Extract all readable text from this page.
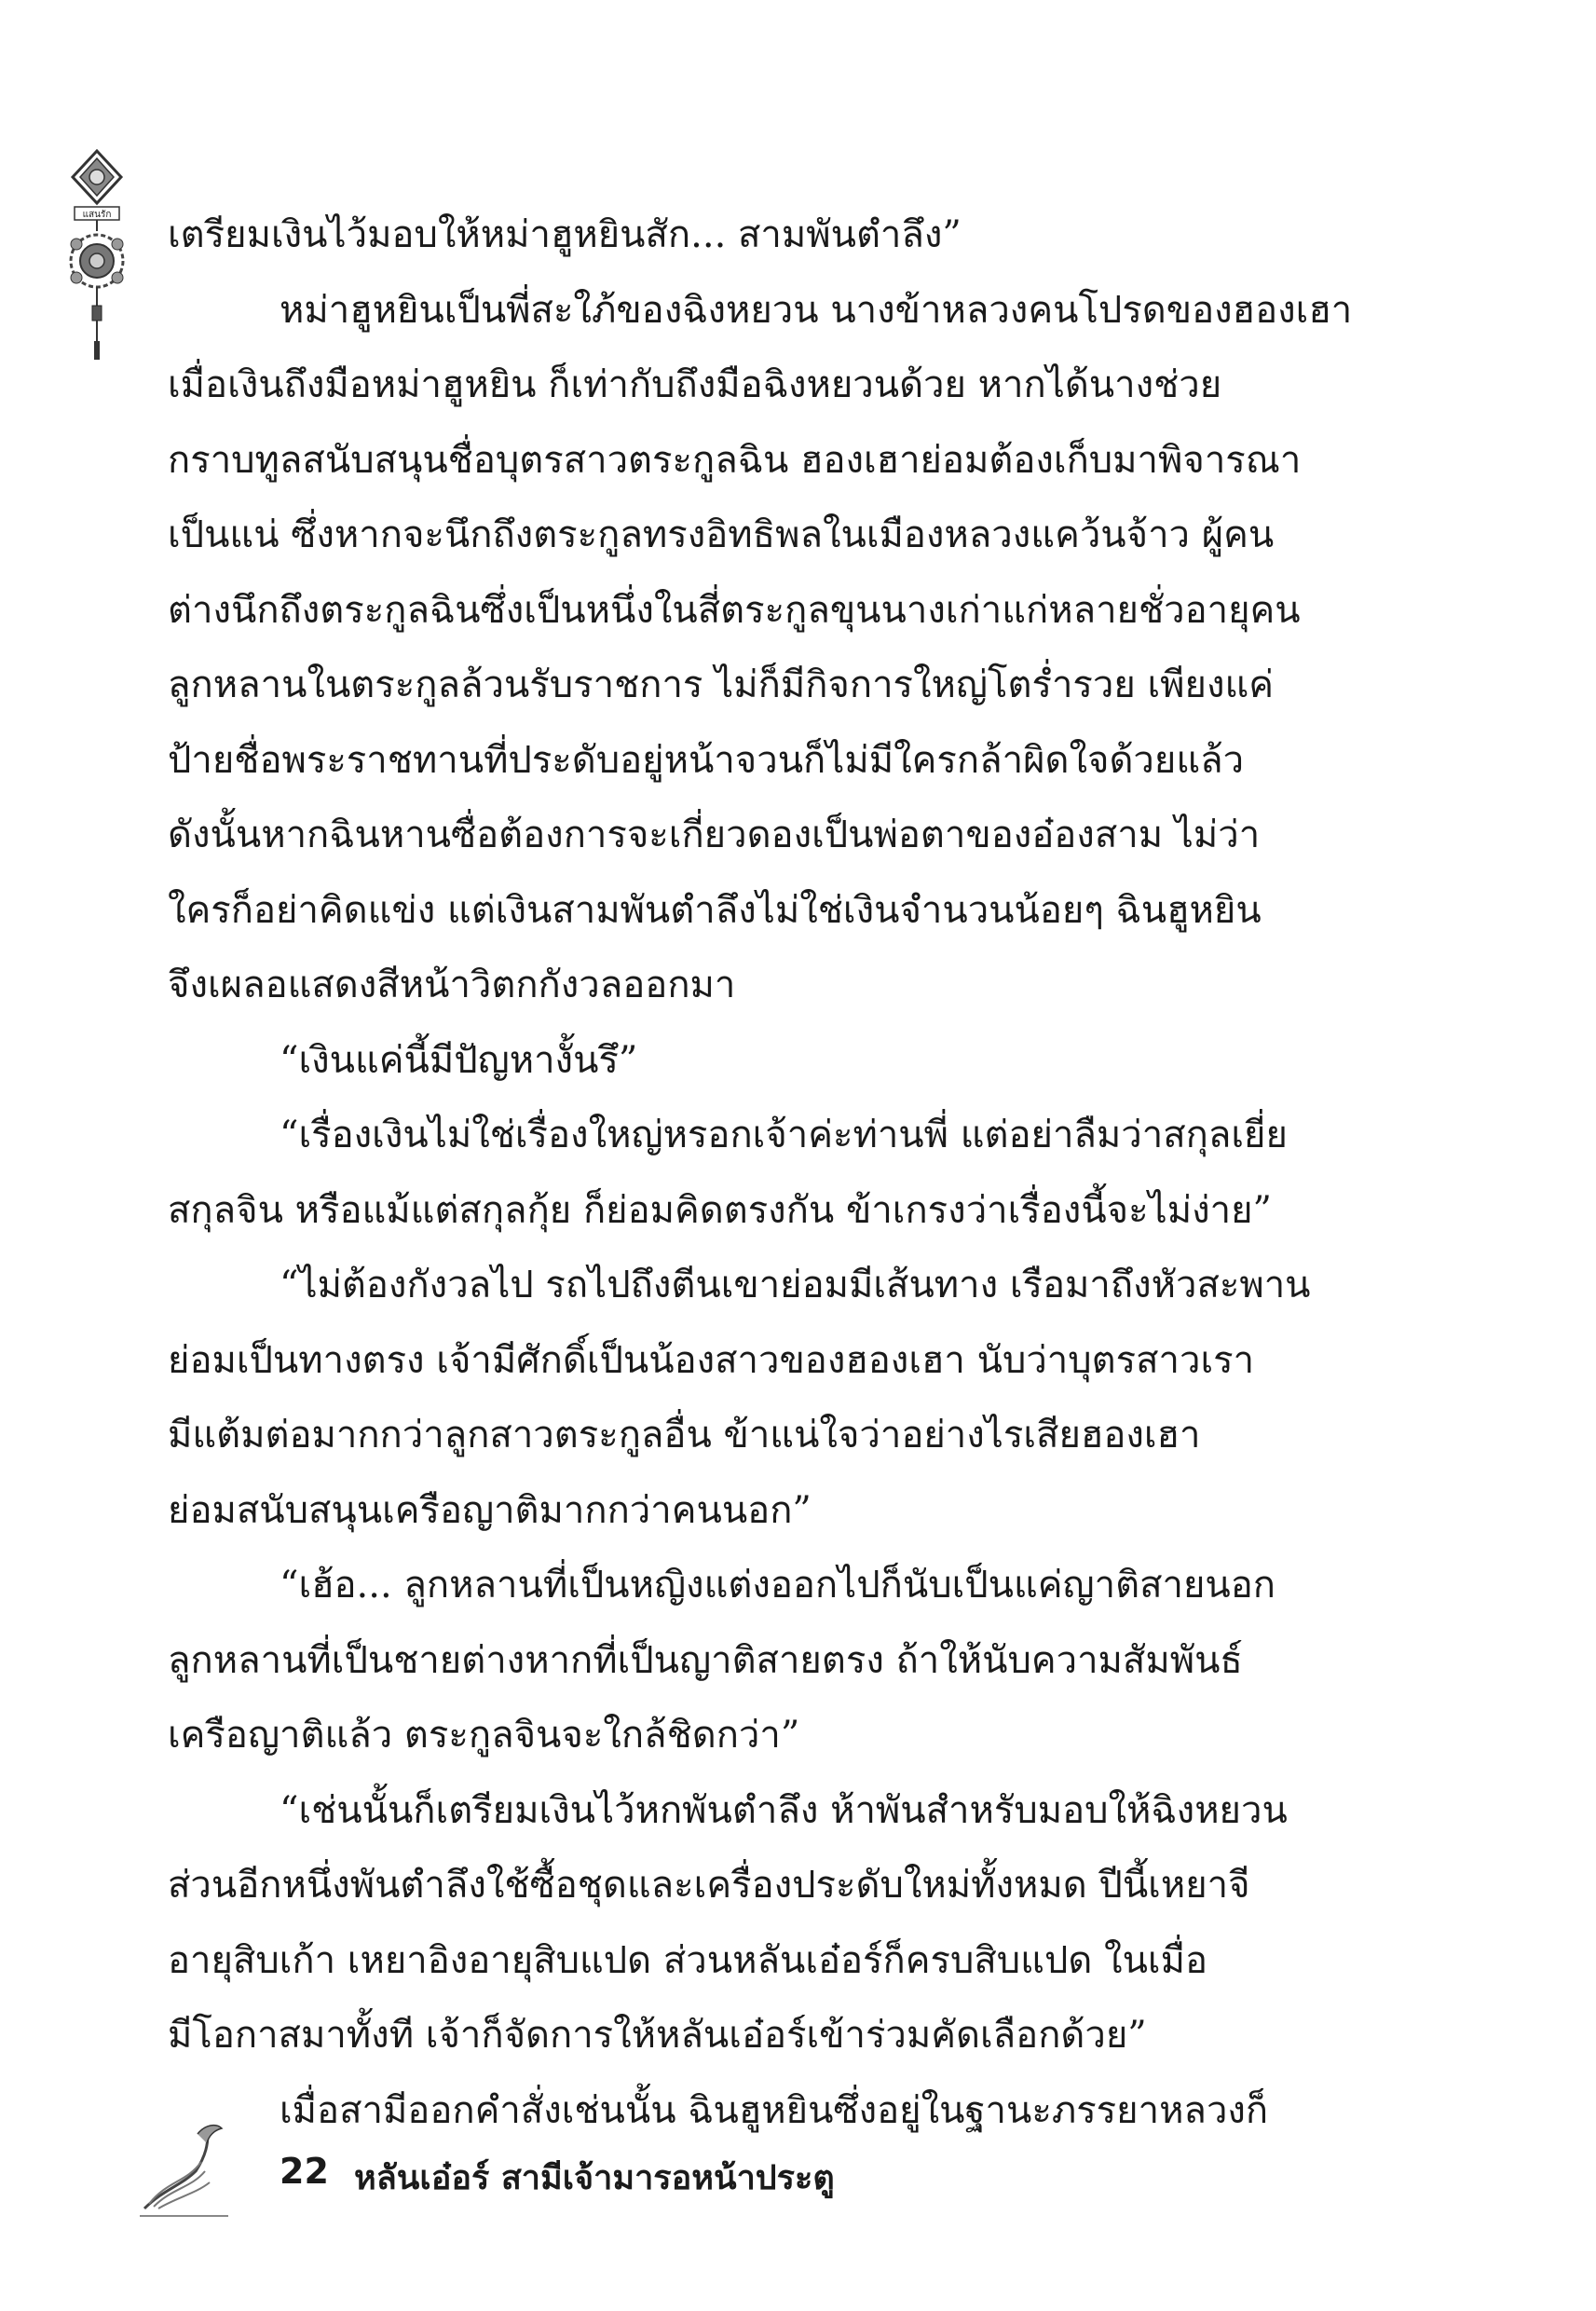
แสนรัก เตรียมเงินไว้มอบให้หม่าฮูหยินสัก... สามพันตำลึง”
หม่าฮูหยินเป็นพี่สะใภ้ของฉิงหยวน นางข้าหลวงคนโปรดของฮองเฮา
เมื่อเงินถึงมือหม่าฮูหยิน ก็เท่ากับถึงมือฉิงหยวนด้วย หากได้นางช่วย
กราบทูลสนับสนุนชื่อบุตรสาวตระกูลฉิน ฮองเฮาย่อมต้องเก็บมาพิจารณา
เป็นแน่ ซึ่งหากจะนึกถึงตระกูลทรงอิทธิพลในเมืองหลวงแคว้นจ้าว ผู้คน
ต่างนึกถึงตระกูลฉินซึ่งเป็นหนึ่งในสี่ตระกูลขุนนางเก่าแก่หลายชั่วอายุคน
ลูกหลานในตระกูลล้วนรับราชการ ไม่ก็มีกิจการใหญ่โตร่ำรวย เพียงแค่
ป้ายชื่อพระราชทานที่ประดับอยู่หน้าจวนก็ไม่มีใครกล้าผิดใจด้วยแล้ว
ดังนั้นหากฉินหานซื่อต้องการจะเกี่ยวดองเป็นพ่อตาของอ๋องสาม ไม่ว่า
ใครก็อย่าคิดแข่ง แต่เงินสามพันตำลึงไม่ใช่เงินจำนวนน้อยๆ ฉินฮูหยิน
จึงเผลอแสดงสีหน้าวิตกกังวลออกมา
“เงินแค่นี้มีปัญหางั้นรึ”
“เรื่องเงินไม่ใช่เรื่องใหญ่หรอกเจ้าค่ะท่านพี่ แต่อย่าลืมว่าสกุลเยี่ย
สกุลจิน หรือแม้แต่สกุลกุ้ย ก็ย่อมคิดตรงกัน ข้าเกรงว่าเรื่องนี้จะไม่ง่าย”
“ไม่ต้องกังวลไป รถไปถึงตีนเขาย่อมมีเส้นทาง เรือมาถึงหัวสะพาน
ย่อมเป็นทางตรง เจ้ามีศักดิ์เป็นน้องสาวของฮองเฮา นับว่าบุตรสาวเรา
มีแต้มต่อมากกว่าลูกสาวตระกูลอื่น ข้าแน่ใจว่าอย่างไรเสียฮองเฮา
ย่อมสนับสนุนเครือญาติมากกว่าคนนอก”
“เฮ้อ... ลูกหลานที่เป็นหญิงแต่งออกไปก็นับเป็นแค่ญาติสายนอก
ลูกหลานที่เป็นชายต่างหากที่เป็นญาติสายตรง ถ้าให้นับความสัมพันธ์
เครือญาติแล้ว ตระกูลจินจะใกล้ชิดกว่า”
“เช่นนั้นก็เตรียมเงินไว้หกพันตำลึง ห้าพันสำหรับมอบให้ฉิงหยวน
ส่วนอีกหนึ่งพันตำลึงใช้ซื้อชุดและเครื่องประดับใหม่ทั้งหมด ปีนี้เหยาจี
อายุสิบเก้า เหยาอิงอายุสิบแปด ส่วนหลันเอ๋อร์ก็ครบสิบแปด ในเมื่อ
มีโอกาสมาทั้งที เจ้าก็จัดการให้หลันเอ๋อร์เข้าร่วมคัดเลือกด้วย”
เมื่อสามีออกคำสั่งเช่นนั้น ฉินฮูหยินซึ่งอยู่ในฐานะภรรยาหลวงก็
22 หลันเอ๋อร์ สามีเจ้ามารอหน้าประตู
